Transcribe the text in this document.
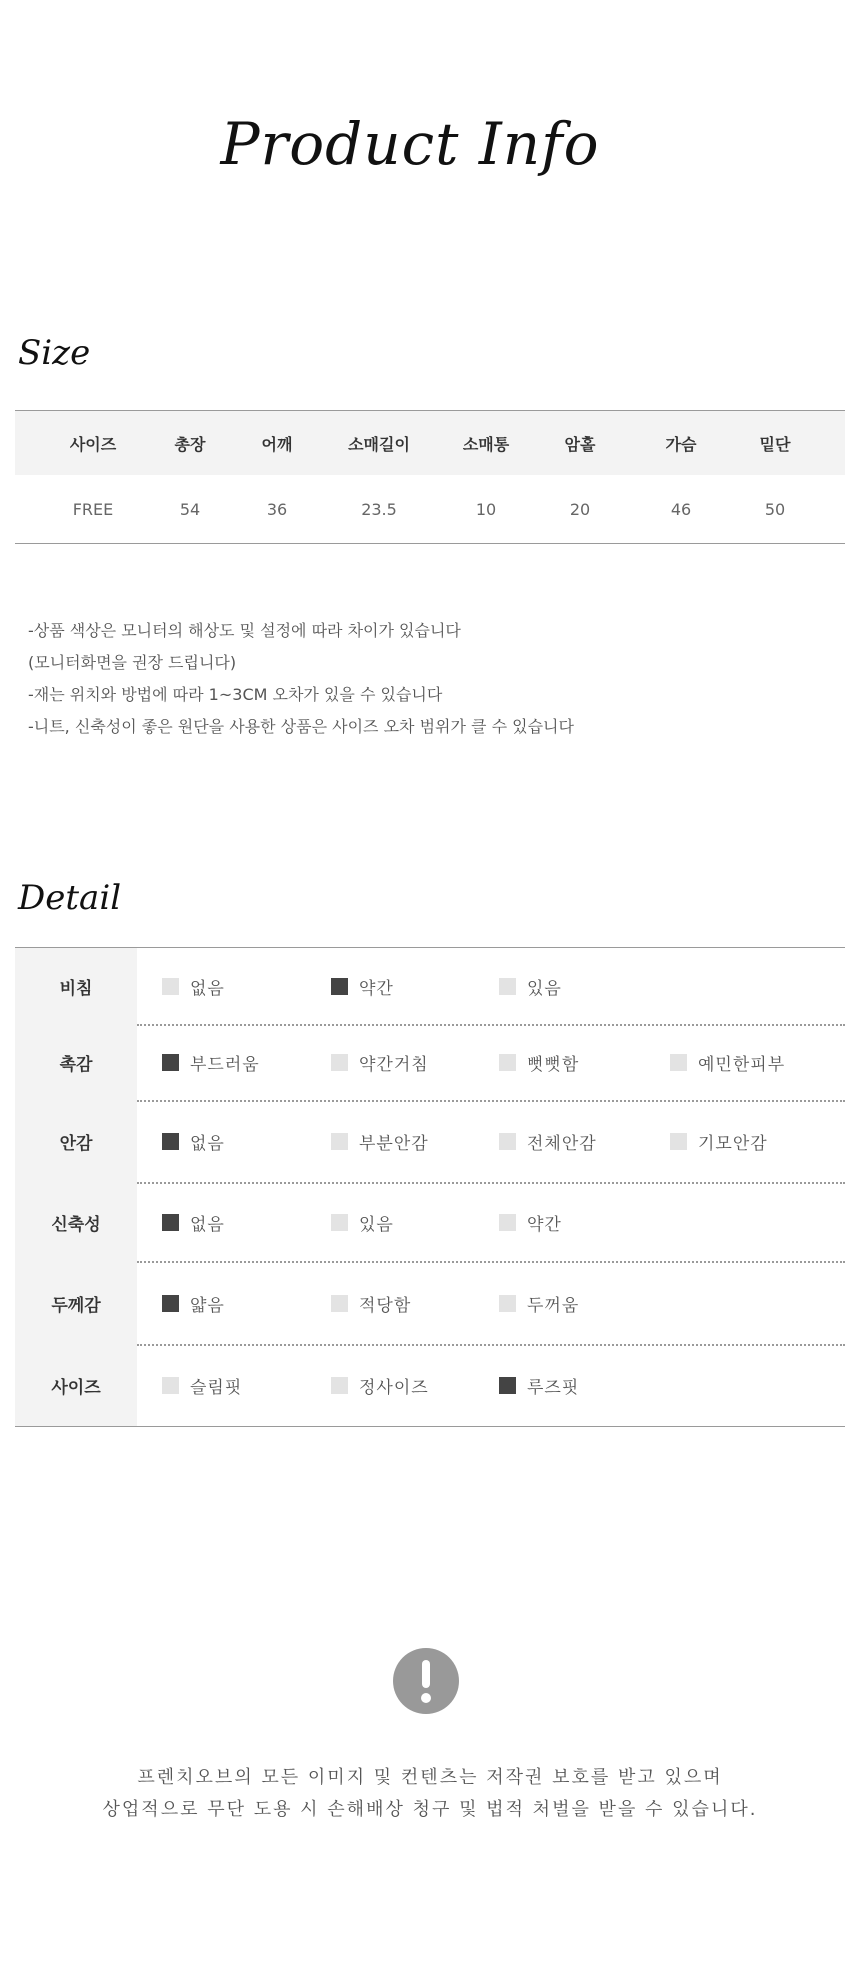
Product Info
Size
사이즈	총장	어깨	소매길이	소매통	암홀	가슴	밑단
FREE	54	36	23.5	10	20	46	50
-상품 색상은 모니터의 해상도 및 설정에 따라 차이가 있습니다
(모니터화면을 권장 드립니다)
-재는 위치와 방법에 따라 1~3CM 오차가 있을 수 있습니다
-니트, 신축성이 좋은 원단을 사용한 상품은 사이즈 오차 범위가 클 수 있습니다
Detail
비침	없음	약간	있음
촉감	부드러움	약간거침	뻣뻣함	예민한피부
안감	없음	부분안감	전체안감	기모안감
신축성	없음	있음	약간
두께감	얇음	적당함	두꺼움
사이즈	슬림핏	정사이즈	루즈핏
프렌치오브의 모든 이미지 및 컨텐츠는 저작권 보호를 받고 있으며
상업적으로 무단 도용 시 손해배상 청구 및 법적 처벌을 받을 수 있습니다.
